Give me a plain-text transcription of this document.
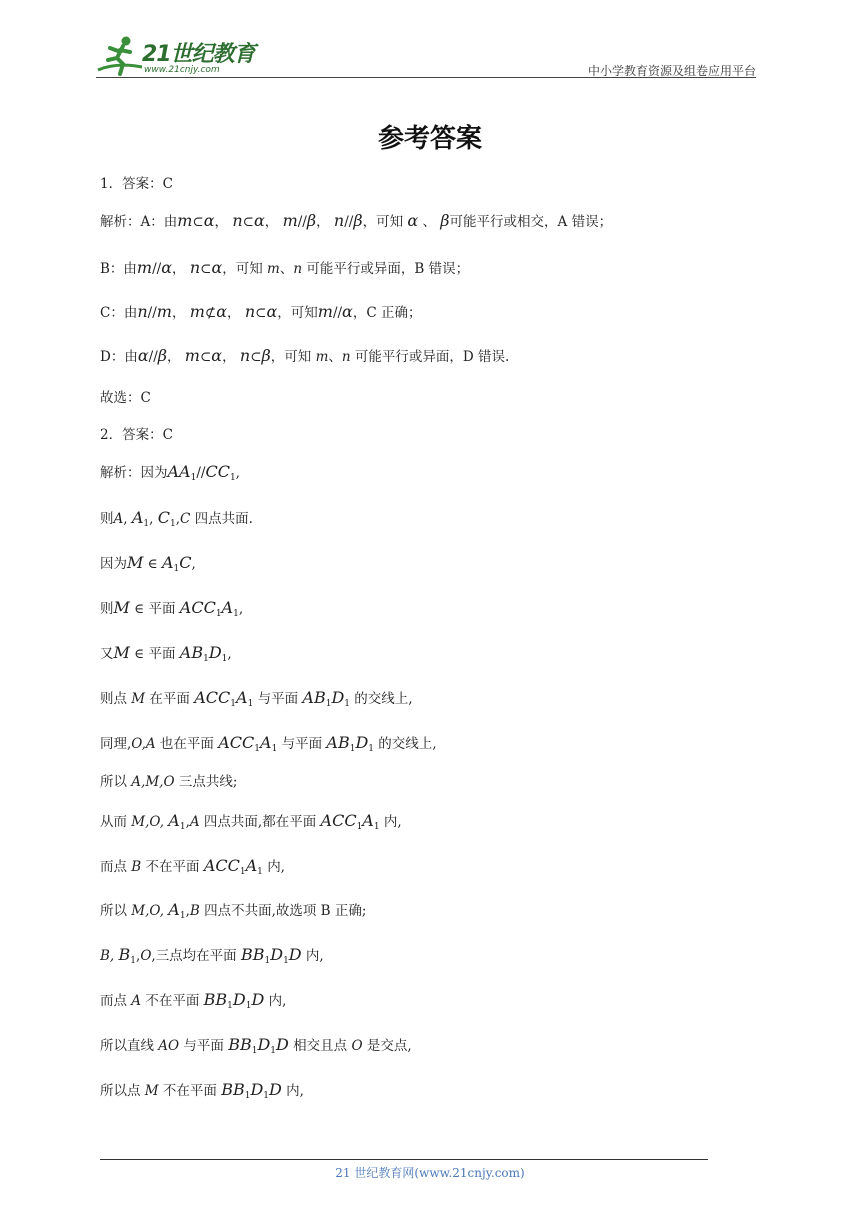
21世纪教育
www.21cnjy.com	中小学教育资源及组卷应用平台
参考答案
1．答案：C
解析：A：由m⊂α， n⊂α， m//β， n//β，可知 α 、 β可能平行或相交，A 错误；
B：由m//α， n⊂α，可知 m、n 可能平行或异面，B 错误；
C：由n//m， m⊄α， n⊂α，可知m//α，C 正确；
D：由α//β， m⊂α， n⊂β，可知 m、n 可能平行或异面，D 错误.
故选：C
2．答案：C
解析：因为$AA_1//CC_1$,
则A, $A_1$, $C_1,C$ 四点共面.
因为M ∈ $A_1C$,
则M ∈ 平面 $ACC_1A_1$,
又M ∈ 平面 $AB_1D_1$,
则点 M 在平面 $ACC_1A_1$ 与平面 $AB_1D_1$ 的交线上,
同理,O,A 也在平面 $ACC_1A_1$ 与平面 $AB_1D_1$ 的交线上,
所以 A,M,O 三点共线;
从而 M,O, $A_1,A$ 四点共面,都在平面 $ACC_1A_1$ 内,
而点 B 不在平面 $ACC_1A_1$ 内,
所以 M,O, $A_1,B$ 四点不共面,故选项 B 正确;
B, $B_1,O$,三点均在平面 $BB_1D_1D$ 内,
而点 A 不在平面 $BB_1D_1D$ 内,
所以直线 AO 与平面 $BB_1D_1D$ 相交且点 O 是交点,
所以点 M 不在平面 $BB_1D_1D$ 内,
21 世纪教育网(www.21cnjy.com)
